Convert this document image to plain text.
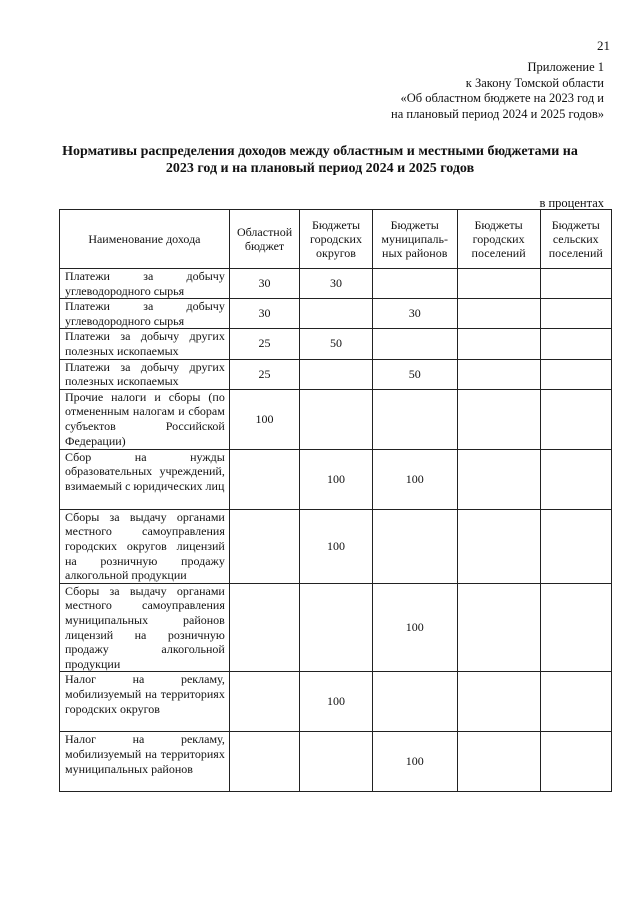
21
Приложение 1
к Закону Томской области
«Об областном бюджете на 2023 год и
на плановый период 2024 и 2025 годов»
Нормативы распределения доходов между областным и местными бюджетами на
2023 год и на плановый период 2024 и 2025 годов
в процентах
Наименование дохода	Областной бюджет	Бюджеты городских округов	Бюджеты муниципальных районов	Бюджеты городских поселений	Бюджеты сельских поселений
Платежи за добычу углеводородного сырья	30	30			
Платежи за добычу углеводородного сырья	30		30		
Платежи за добычу других полезных ископаемых	25	50			
Платежи за добычу других полезных ископаемых	25		50		
Прочие налоги и сборы (по отмененным налогам и сборам субъектов Российской Федерации)	100				
Сбор на нужды образовательных учреждений, взимаемый с юридических лиц		100	100		
Сборы за выдачу органами местного самоуправления городских округов лицензий на розничную продажу алкогольной продукции		100			
Сборы за выдачу органами местного самоуправления муниципальных районов лицензий на розничную продажу алкогольной продукции			100		
Налог на рекламу, мобилизуемый на территориях городских округов		100			
Налог на рекламу, мобилизуемый на территориях муниципальных районов			100		
